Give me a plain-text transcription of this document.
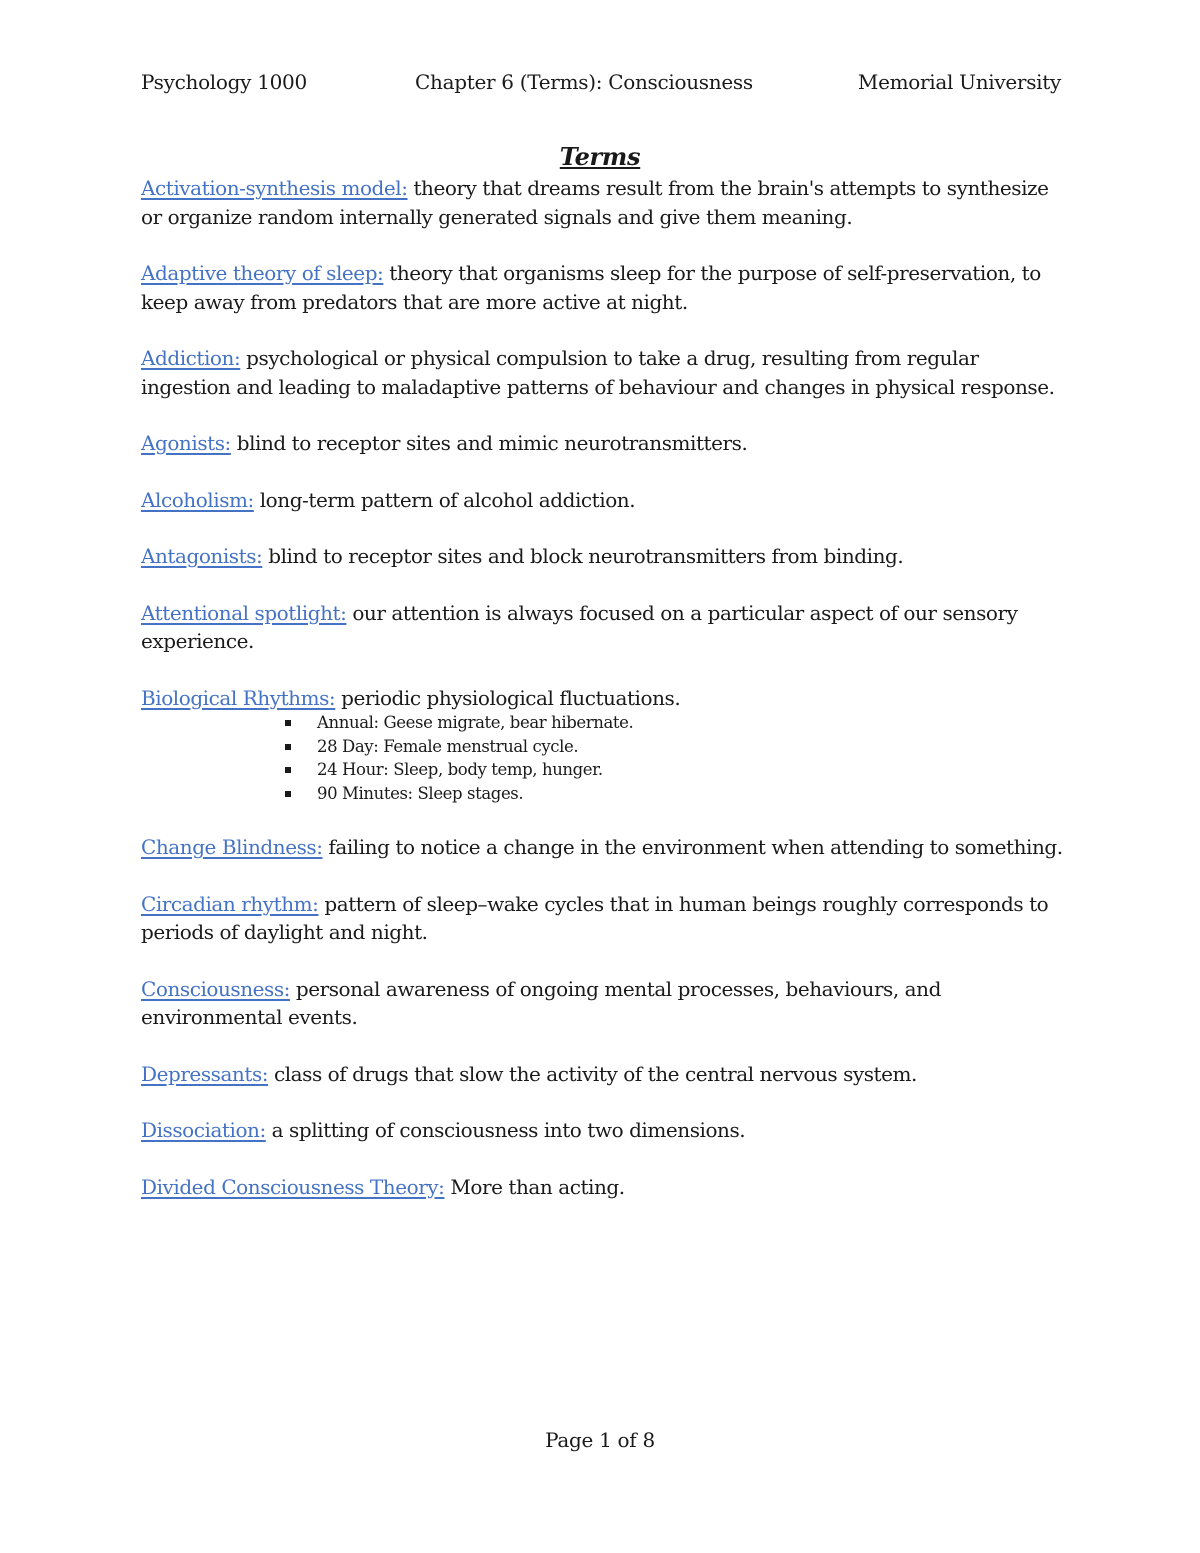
Psychology 1000	Chapter 6 (Terms): Consciousness	Memorial University
Terms

Activation-synthesis model: theory that dreams result from the brain's attempts to synthesize or organize random internally generated signals and give them meaning.

Adaptive theory of sleep: theory that organisms sleep for the purpose of self-preservation, to keep away from predators that are more active at night.

Addiction: psychological or physical compulsion to take a drug, resulting from regular ingestion and leading to maladaptive patterns of behaviour and changes in physical response.

Agonists: blind to receptor sites and mimic neurotransmitters.

Alcoholism: long-term pattern of alcohol addiction.

Antagonists: blind to receptor sites and block neurotransmitters from binding.

Attentional spotlight: our attention is always focused on a particular aspect of our sensory experience.

Biological Rhythms: periodic physiological fluctuations.
Annual: Geese migrate, bear hibernate.
28 Day: Female menstrual cycle.
24 Hour: Sleep, body temp, hunger.
90 Minutes: Sleep stages.

Change Blindness: failing to notice a change in the environment when attending to something.

Circadian rhythm: pattern of sleep–wake cycles that in human beings roughly corresponds to periods of daylight and night.

Consciousness: personal awareness of ongoing mental processes, behaviours, and environmental events.

Depressants: class of drugs that slow the activity of the central nervous system.

Dissociation: a splitting of consciousness into two dimensions.

Divided Consciousness Theory: More than acting.

Page 1 of 8
